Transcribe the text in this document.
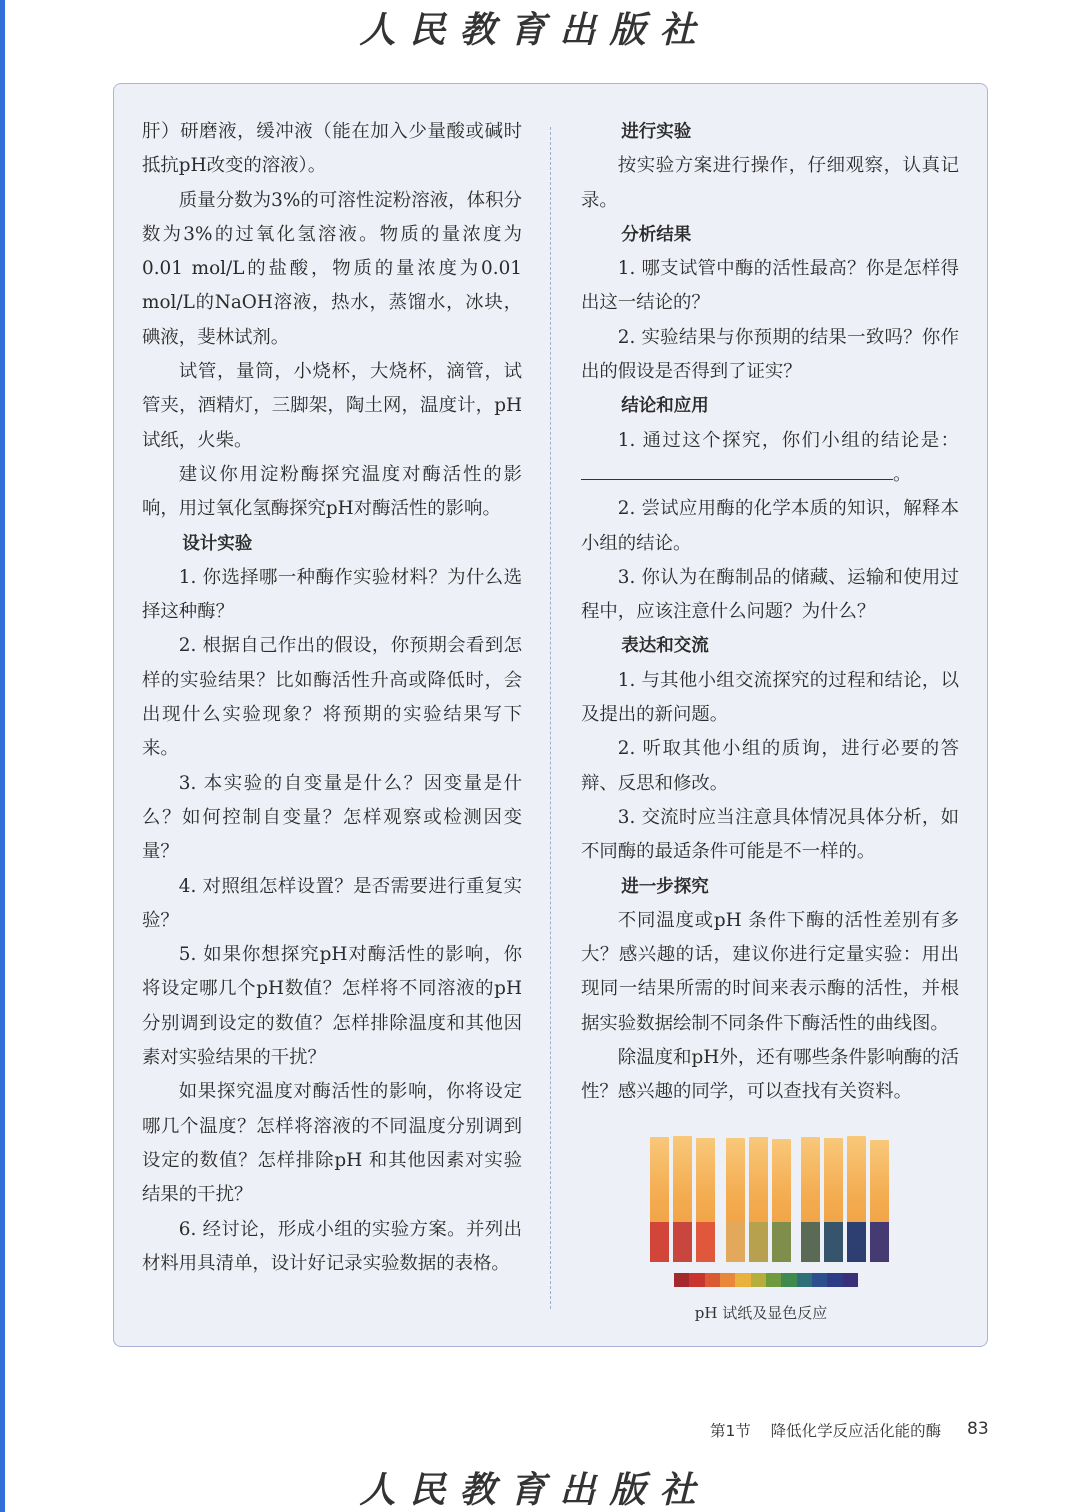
人民教育出版社

肝）研磨液，缓冲液（能在加入少量酸或碱时抵抗pH改变的溶液）。

质量分数为3%的可溶性淀粉溶液，体积分数为3%的过氧化氢溶液。物质的量浓度为0.01 mol/L的盐酸，物质的量浓度为0.01 mol/L的NaOH溶液，热水，蒸馏水，冰块，碘液，斐林试剂。

试管，量筒，小烧杯，大烧杯，滴管，试管夹，酒精灯，三脚架，陶土网，温度计，pH 试纸，火柴。

建议你用淀粉酶探究温度对酶活性的影响，用过氧化氢酶探究pH对酶活性的影响。

设计实验

1. 你选择哪一种酶作实验材料？为什么选择这种酶？

2. 根据自己作出的假设，你预期会看到怎样的实验结果？比如酶活性升高或降低时，会出现什么实验现象？将预期的实验结果写下来。

3. 本实验的自变量是什么？因变量是什么？如何控制自变量？怎样观察或检测因变量？

4. 对照组怎样设置？是否需要进行重复实验？

5. 如果你想探究pH对酶活性的影响，你将设定哪几个pH数值？怎样将不同溶液的pH 分别调到设定的数值？怎样排除温度和其他因素对实验结果的干扰？

如果探究温度对酶活性的影响，你将设定哪几个温度？怎样将溶液的不同温度分别调到设定的数值？怎样排除pH 和其他因素对实验结果的干扰？

6. 经讨论，形成小组的实验方案。并列出材料用具清单，设计好记录实验数据的表格。

进行实验

按实验方案进行操作，仔细观察，认真记录。

分析结果

1. 哪支试管中酶的活性最高？你是怎样得出这一结论的？

2. 实验结果与你预期的结果一致吗？你作出的假设是否得到了证实？

结论和应用

1. 通过这个探究，你们小组的结论是：。

2. 尝试应用酶的化学本质的知识，解释本小组的结论。

3. 你认为在酶制品的储藏、运输和使用过程中，应该注意什么问题？为什么？

表达和交流

1. 与其他小组交流探究的过程和结论，以及提出的新问题。

2. 听取其他小组的质询，进行必要的答辩、反思和修改。

3. 交流时应当注意具体情况具体分析，如不同酶的最适条件可能是不一样的。

进一步探究

不同温度或pH 条件下酶的活性差别有多大？感兴趣的话，建议你进行定量实验：用出现同一结果所需的时间来表示酶的活性，并根据实验数据绘制不同条件下酶活性的曲线图。

除温度和pH外，还有哪些条件影响酶的活性？感兴趣的同学，可以查找有关资料。

pH 试纸及显色反应
第1节 降低化学反应活化能的酶 83
人民教育出版社
